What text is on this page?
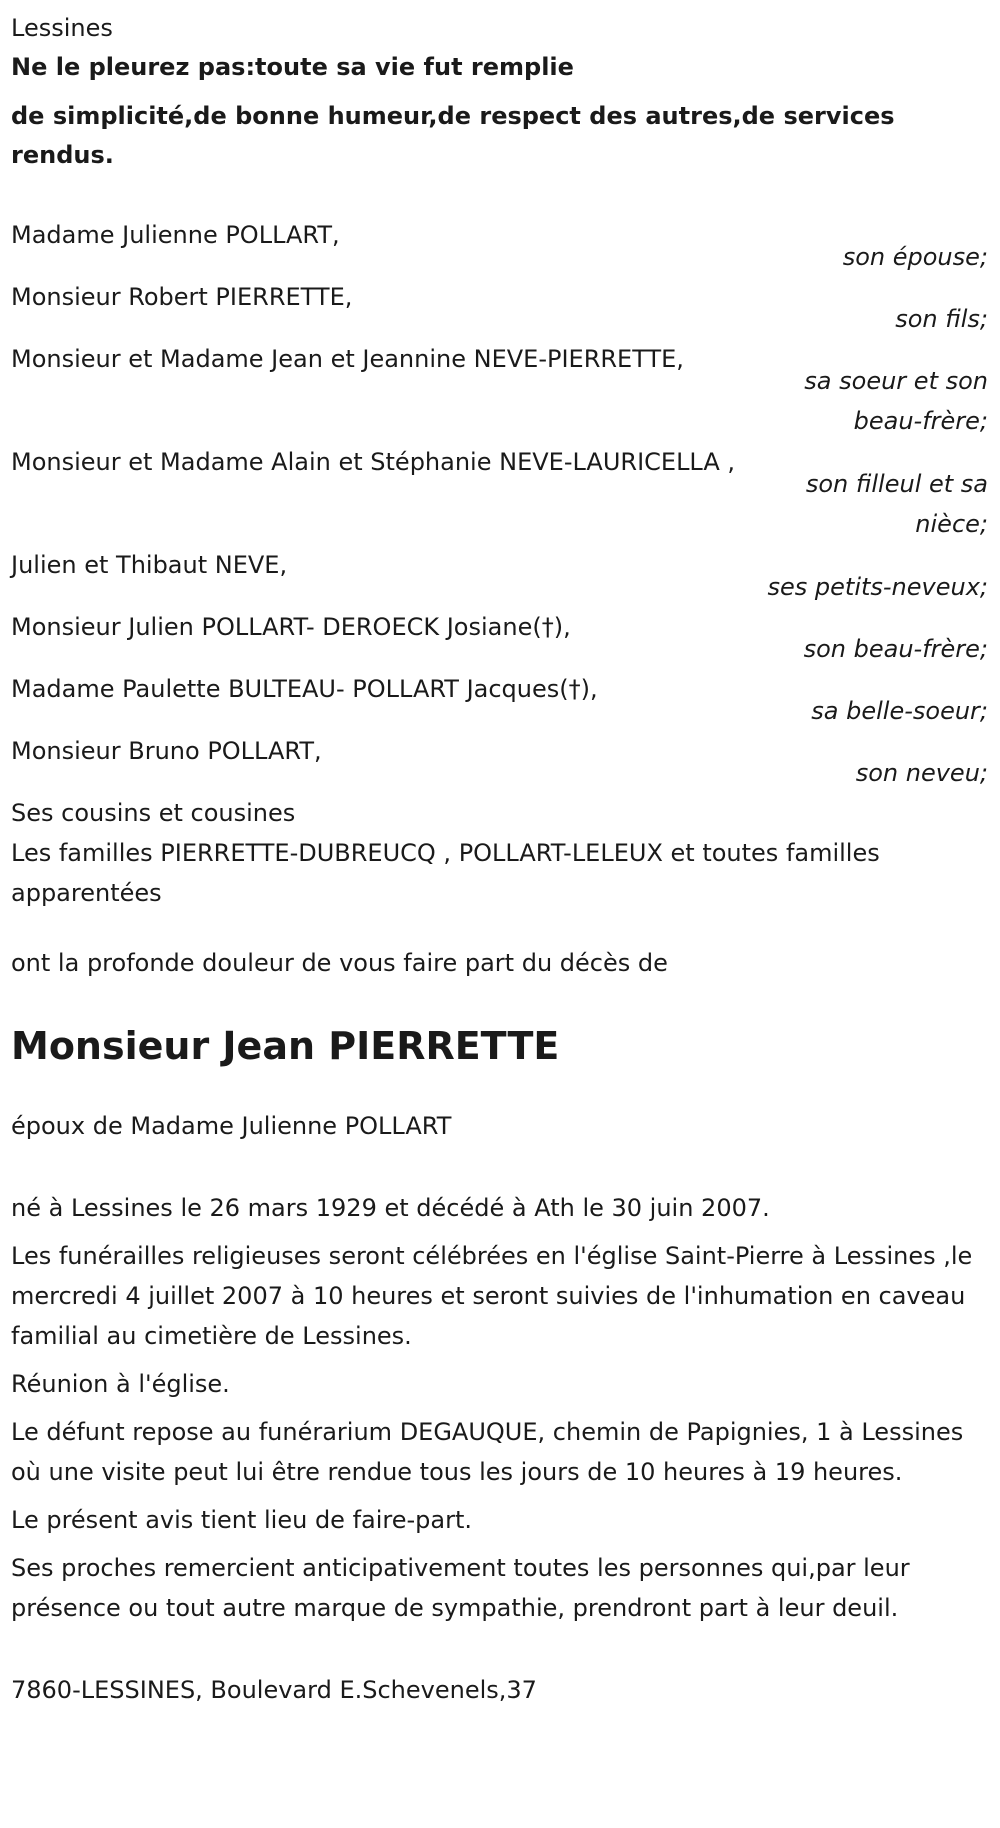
Lessines

Ne le pleurez pas:toute sa vie fut remplie
de simplicité,de bonne humeur,de respect des autres,de services rendus.

Madame Julienne POLLART,
son épouse;
Monsieur Robert PIERRETTE,
son fils;
Monsieur et Madame Jean et Jeannine NEVE-PIERRETTE,
sa soeur et son beau-frère;
Monsieur et Madame Alain et Stéphanie NEVE-LAURICELLA ,
son filleul et sa nièce;
Julien et Thibaut NEVE,
ses petits-neveux;
Monsieur Julien POLLART- DEROECK Josiane(†),
son beau-frère;
Madame Paulette BULTEAU- POLLART Jacques(†),
sa belle-soeur;
Monsieur Bruno POLLART,
son neveu;

Ses cousins et cousines

Les familles PIERRETTE-DUBREUCQ , POLLART-LELEUX et toutes familles apparentées

ont la profonde douleur de vous faire part du décès de

Monsieur Jean PIERRETTE

époux de Madame Julienne POLLART

né à Lessines le 26 mars 1929 et décédé à Ath le 30 juin 2007.

Les funérailles religieuses seront célébrées en l'église Saint-Pierre à Lessines ,le mercredi 4 juillet 2007 à 10 heures et seront suivies de l'inhumation en caveau familial au cimetière de Lessines.

Réunion à l'église.

Le défunt repose au funérarium DEGAUQUE, chemin de Papignies, 1 à Lessines où une visite peut lui être rendue tous les jours de 10 heures à 19 heures.

Le présent avis tient lieu de faire-part.

Ses proches remercient anticipativement toutes les personnes qui,par leur présence ou tout autre marque de sympathie, prendront part à leur deuil.

7860-LESSINES, Boulevard E.Schevenels,37
